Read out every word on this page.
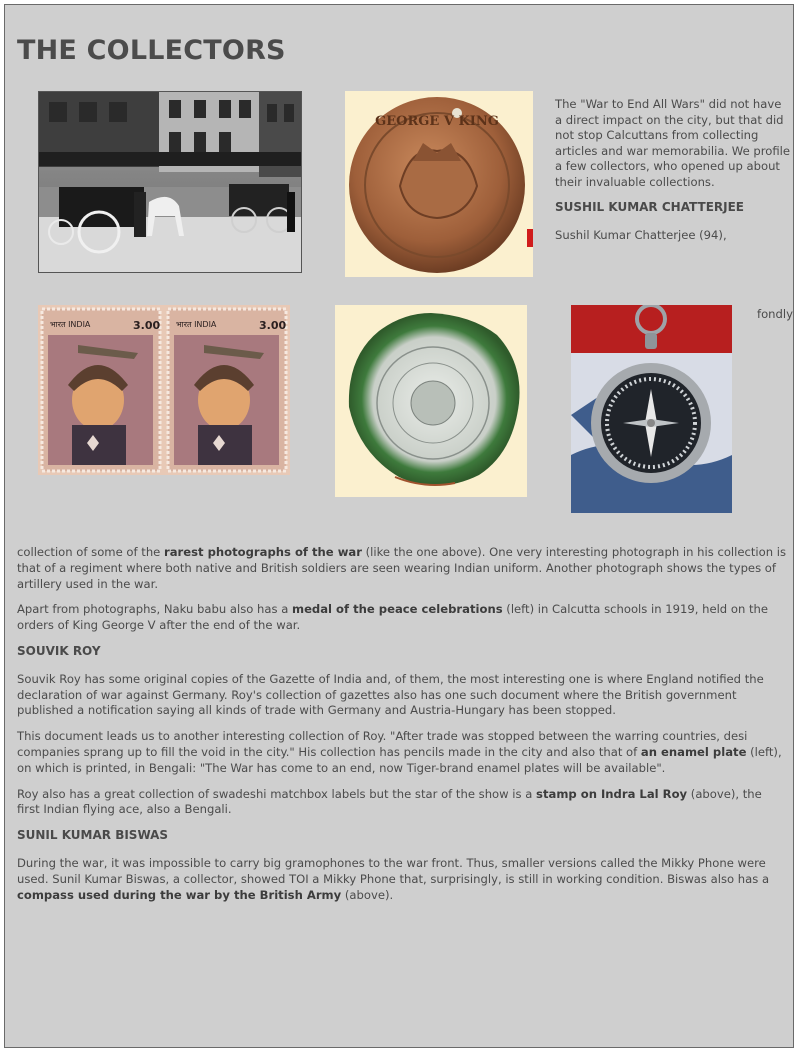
THE COLLECTORS
GEORGE V KING
भारत INDIA	3.00 भारत INDIA	3.00

The "War to End All Wars" did not have a direct impact on the city, but that did not stop Calcuttans from collecting articles and war memorabilia. We profile a few collectors, who opened up about their invaluable collections.

SUSHIL KUMAR CHATTERJEE

Sushil Kumar Chatterjee (94),

fondly

collection of some of the rarest photographs of the war (like the one above). One very interesting photograph in his collection is that of a regiment where both native and British soldiers are seen wearing Indian uniform. Another photograph shows the types of artillery used in the war.

Apart from photographs, Naku babu also has a medal of the peace celebrations (left) in Calcutta schools in 1919, held on the orders of King George V after the end of the war.

SOUVIK ROY

Souvik Roy has some original copies of the Gazette of India and, of them, the most interesting one is where England notified the declaration of war against Germany. Roy's collection of gazettes also has one such document where the British government published a notification saying all kinds of trade with Germany and Austria-Hungary has been stopped.

This document leads us to another interesting collection of Roy. "After trade was stopped between the warring countries, desi companies sprang up to fill the void in the city." His collection has pencils made in the city and also that of an enamel plate (left), on which is printed, in Bengali: "The War has come to an end, now Tiger-brand enamel plates will be available".

Roy also has a great collection of swadeshi matchbox labels but the star of the show is a stamp on Indra Lal Roy (above), the first Indian flying ace, also a Bengali.

SUNIL KUMAR BISWAS

During the war, it was impossible to carry big gramophones to the war front. Thus, smaller versions called the Mikky Phone were used. Sunil Kumar Biswas, a collector, showed TOI a Mikky Phone that, surprisingly, is still in working condition. Biswas also has a compass used during the war by the British Army (above).
